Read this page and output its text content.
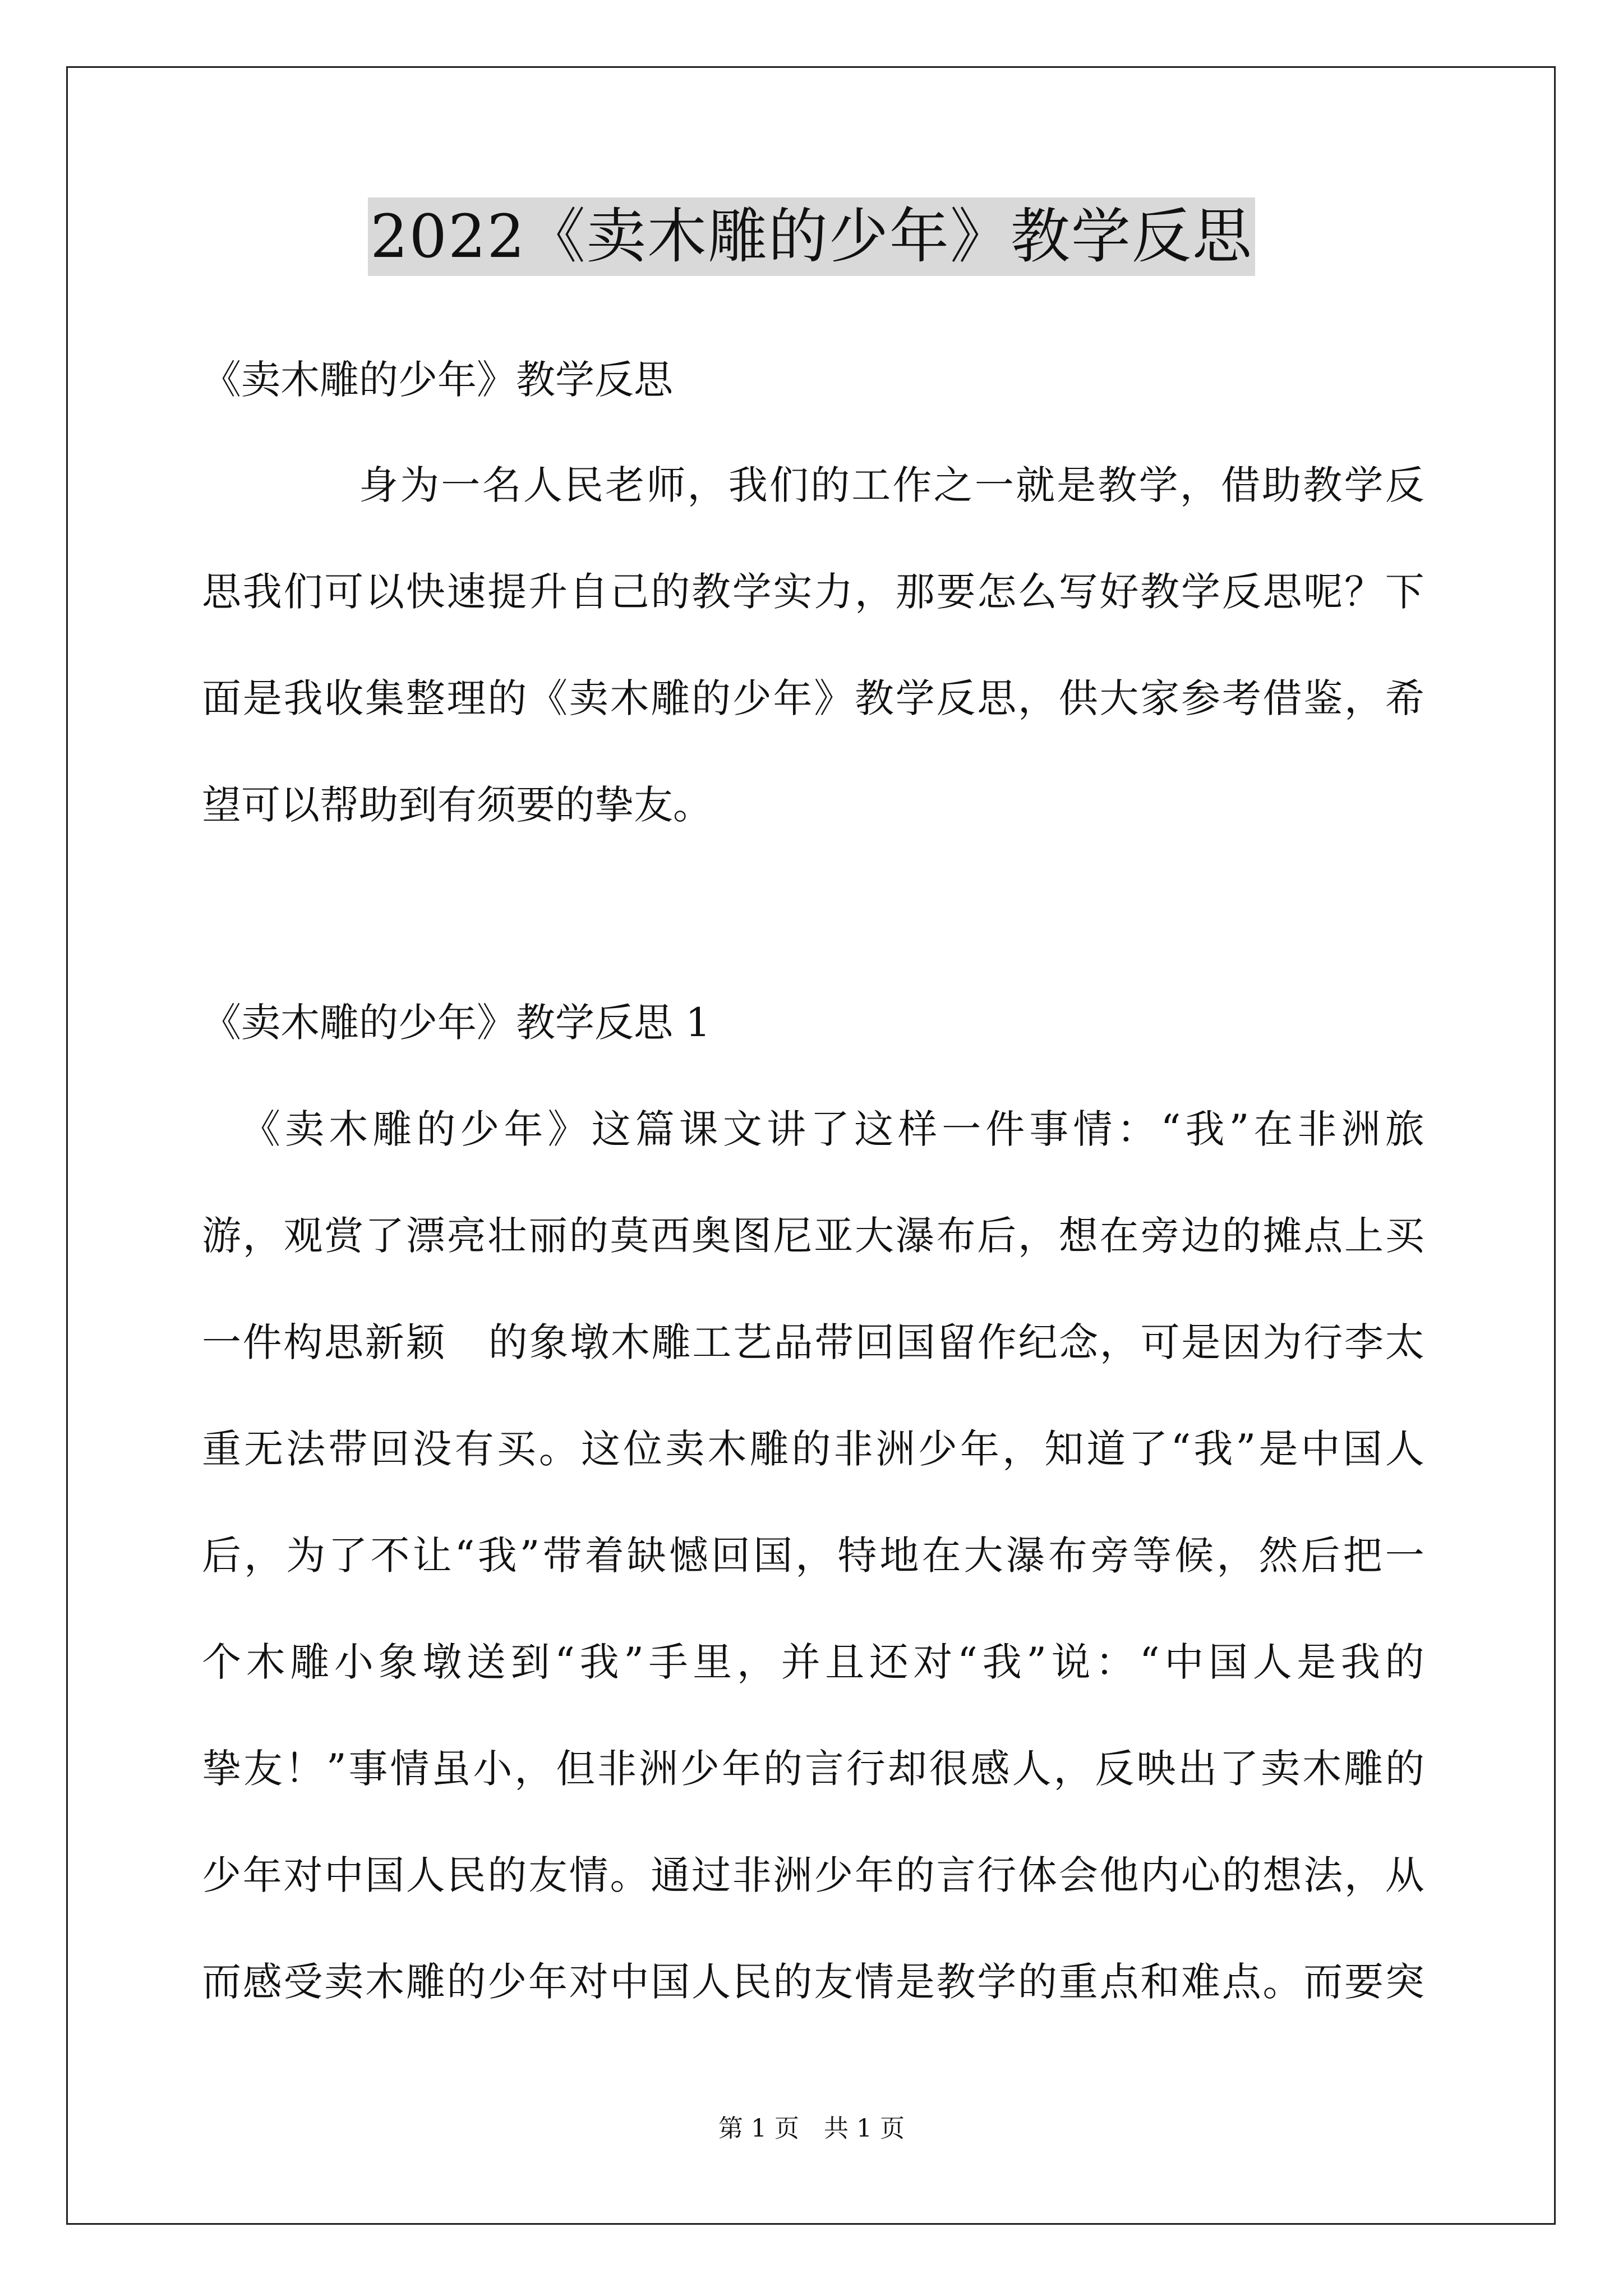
2022《卖木雕的少年》教学反思
《卖木雕的少年》教学反思
身 为 一 名 人 民 老 师 ， 我 们 的 工 作 之 一 就 是 教 学 ， 借 助 教 学 反
思 我 们 可 以 快 速 提 升 自 己 的 教 学 实 力 ， 那 要 怎 么 写 好 教 学 反 思 呢 ？ 下
面 是 我 收 集 整 理 的 《 卖 木 雕 的 少 年 》 教 学 反 思 ， 供 大 家 参 考 借 鉴 ， 希
望可以帮助到有须要的挚友。
《卖木雕的少年》教学反思 1
《 卖 木 雕 的 少 年 》 这 篇 课 文 讲 了 这 样 一 件 事 情 ： “ 我 ” 在 非 洲 旅
游 ， 观 赏 了 漂 亮 壮 丽 的 莫 西 奥 图 尼 亚 大 瀑 布 后 ， 想 在 旁 边 的 摊 点 上 买
一 件 构 思 新 颖

的 象 墩 木 雕 工 艺 品 带 回 国 留 作 纪 念 ， 可 是 因 为 行 李 太
重 无 法 带 回 没 有 买 。 这 位 卖 木 雕 的 非 洲 少 年 ， 知 道 了 “ 我 ” 是 中 国 人
后 ， 为 了 不 让 “ 我 ” 带 着 缺 憾 回 国 ， 特 地 在 大 瀑 布 旁 等 候 ， 然 后 把 一
个 木 雕 小 象 墩 送 到 “ 我 ” 手 里 ， 并 且 还 对 “ 我 ” 说 ： “ 中 国 人 是 我 的
挚 友 ！ ” 事 情 虽 小 ， 但 非 洲 少 年 的 言 行 却 很 感 人 ， 反 映 出 了 卖 木 雕 的
少 年 对 中 国 人 民 的 友 情 。 通 过 非 洲 少 年 的 言 行 体 会 他 内 心 的 想 法 ， 从
而 感 受 卖 木 雕 的 少 年 对 中 国 人 民 的 友 情 是 教 学 的 重 点 和 难 点 。 而 要 突
第 1 页 共 1 页
